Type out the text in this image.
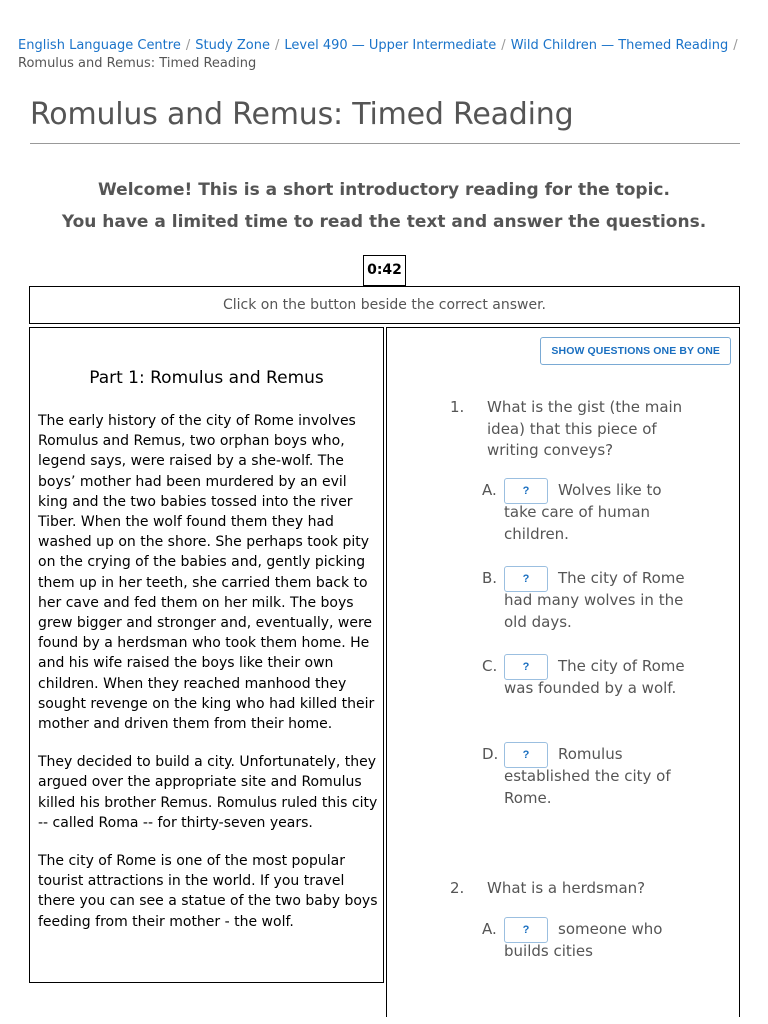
English Language Centre / Study Zone / Level 490 — Upper Intermediate / Wild Children — Themed Reading /
Romulus and Remus: Timed Reading
Romulus and Remus: Timed Reading
Welcome! This is a short introductory reading for the topic.
You have a limited time to read the text and answer the questions.
0:42
Click on the button beside the correct answer.
Part 1: Romulus and Remus

The early history of the city of Rome involves Romulus and Remus, two orphan boys who, legend says, were raised by a she-wolf. The boys’ mother had been murdered by an evil king and the two babies tossed into the river Tiber. When the wolf found them they had washed up on the shore. She perhaps took pity on the crying of the babies and, gently picking them up in her teeth, she carried them back to her cave and fed them on her milk. The boys grew bigger and stronger and, eventually, were found by a herdsman who took them home. He and his wife raised the boys like their own children. When they reached manhood they sought revenge on the king who had killed their mother and driven them from their home.

They decided to build a city. Unfortunately, they argued over the appropriate site and Romulus killed his brother Remus. Romulus ruled this city -- called Roma -- for thirty-seven years.

The city of Rome is one of the most popular tourist attractions in the world. If you travel there you can see a statue of the two baby boys feeding from their mother - the wolf.

SHOW QUESTIONS ONE BY ONE
1. What is the gist (the main idea) that this piece of writing conveys?
A.	?	Wolves like to take care of human children.
B.	?	The city of Rome had many wolves in the old days.
C.	?	The city of Rome was founded by a wolf.
D.	?	Romulus established the city of Rome.
2. What is a herdsman?
A.	?	someone who builds cities
